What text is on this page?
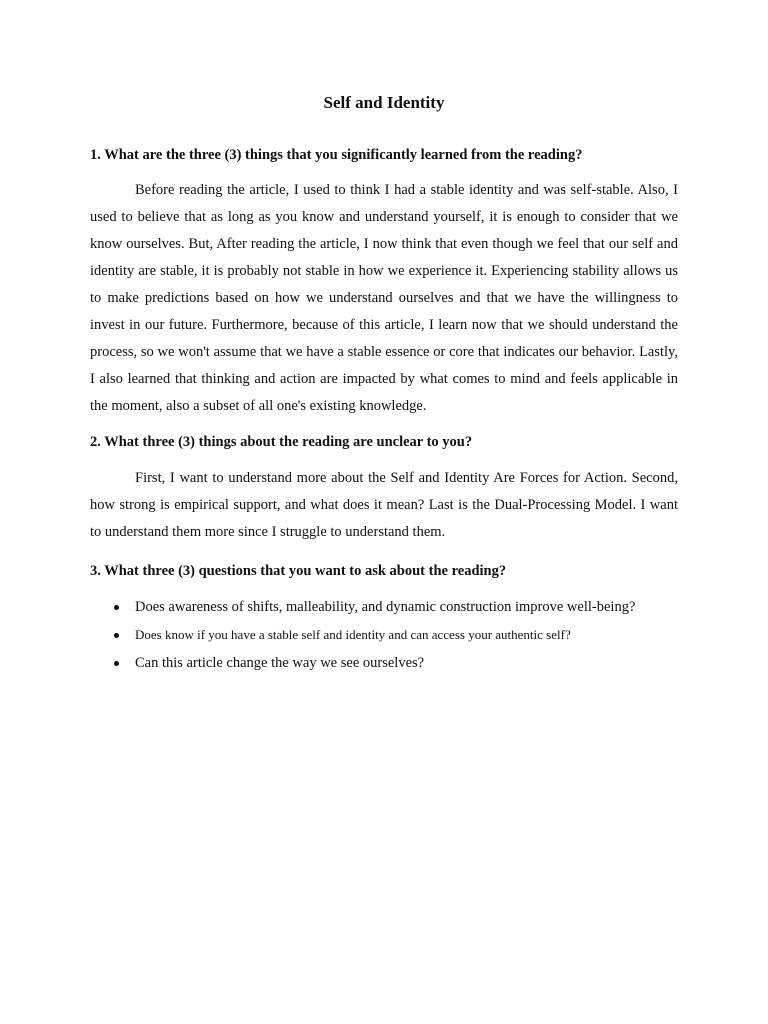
Self and Identity

1. What are the three (3) things that you significantly learned from the reading?

Before reading the article, I used to think I had a stable identity and was self-stable. Also, I used to believe that as long as you know and understand yourself, it is enough to consider that we know ourselves. But, After reading the article, I now think that even though we feel that our self and identity are stable, it is probably not stable in how we experience it. Experiencing stability allows us to make predictions based on how we understand ourselves and that we have the willingness to invest in our future. Furthermore, because of this article, I learn now that we should understand the process, so we won't assume that we have a stable essence or core that indicates our behavior. Lastly, I also learned that thinking and action are impacted by what comes to mind and feels applicable in the moment, also a subset of all one's existing knowledge.

2. What three (3) things about the reading are unclear to you?

First, I want to understand more about the Self and Identity Are Forces for Action. Second, how strong is empirical support, and what does it mean? Last is the Dual-Processing Model. I want to understand them more since I struggle to understand them.

3. What three (3) questions that you want to ask about the reading?

Does awareness of shifts, malleability, and dynamic construction improve well-being?
Does know if you have a stable self and identity and can access your authentic self?
Can this article change the way we see ourselves?
